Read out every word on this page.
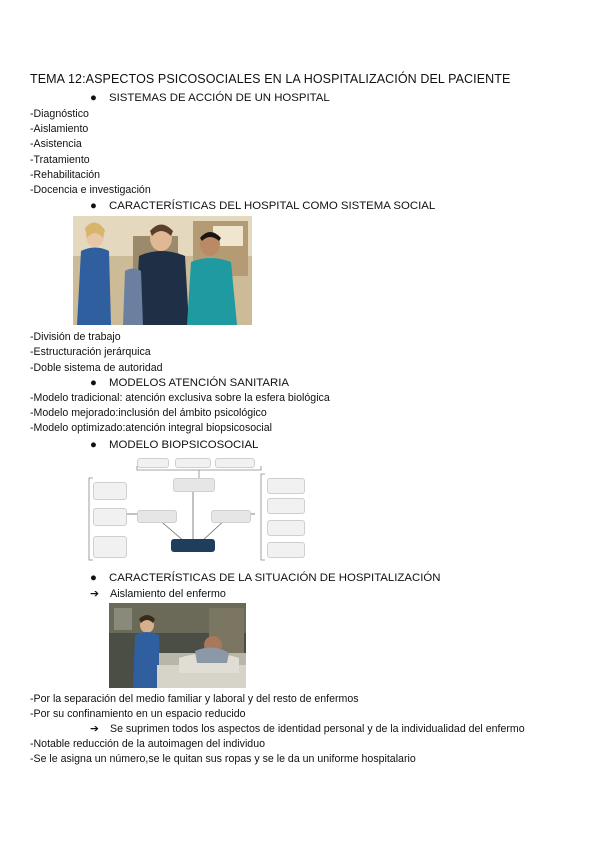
TEMA 12:ASPECTOS PSICOSOCIALES EN LA HOSPITALIZACIÓN DEL PACIENTE
● SISTEMAS DE ACCIÓN DE UN HOSPITAL
-Diagnóstico
-Aislamiento
-Asistencia
-Tratamiento
-Rehabilitación
-Docencia e investigación
● CARACTERÍSTICAS DEL HOSPITAL COMO SISTEMA SOCIAL
-División de trabajo
-Estructuración jerárquica
-Doble sistema de autoridad
● MODELOS ATENCIÓN SANITARIA
-Modelo tradicional: atención exclusiva sobre la esfera biológica
-Modelo mejorado:inclusión del ámbito psicológico
-Modelo optimizado:atención integral biopsicosocial
● MODELO BIOPSICOSOCIAL
● CARACTERÍSTICAS DE LA SITUACIÓN DE HOSPITALIZACIÓN
➔ Aislamiento del enfermo
-Por la separación del medio familiar y laboral y del resto de enfermos
-Por su confinamiento en un espacio reducido
➔ Se suprimen todos los aspectos de identidad personal y de la individualidad del enfermo
-Notable reducción de la autoimagen del individuo
-Se le asigna un número,se le quitan sus ropas y se le da un uniforme hospitalario
